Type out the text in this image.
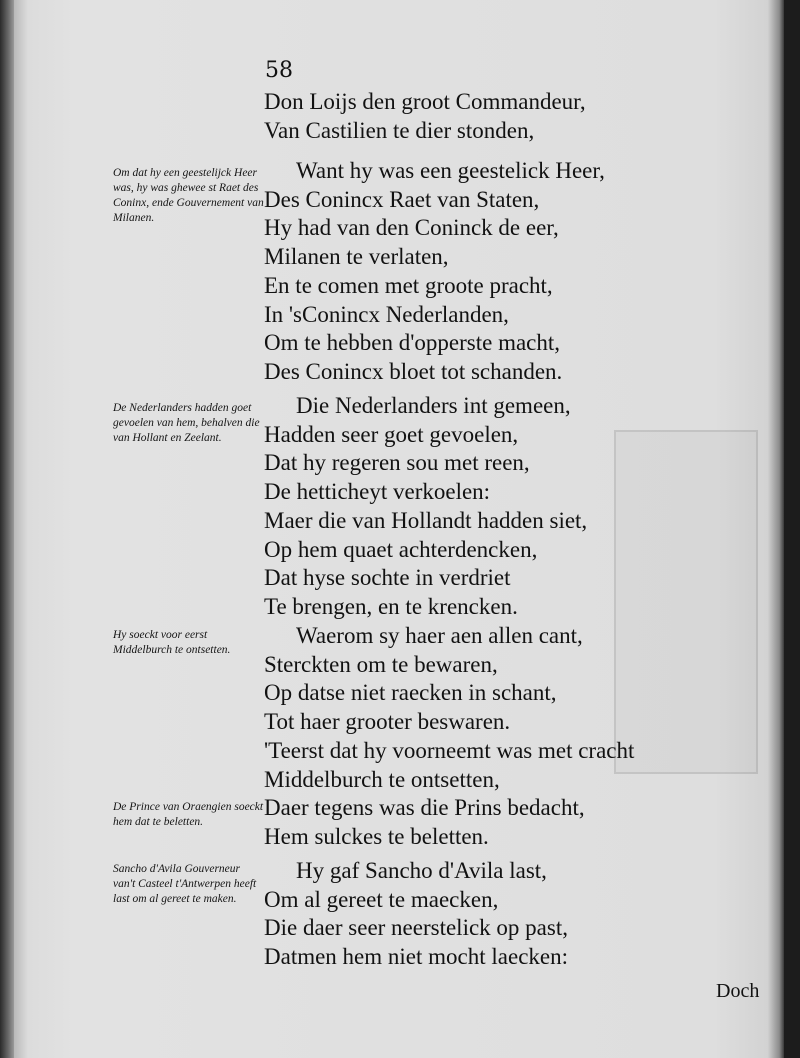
58
Don Loijs den groot Commandeur,
Van Castilien te dier stonden,
Want hy was een geestelick Heer,
Des Conincx Raet van Staten,
Hy had van den Coninck de eer,
Milanen te verlaten,
En te comen met groote pracht,
In 'sConincx Nederlanden,
Om te hebben d'opperste macht,
Des Conincx bloet tot schanden.
Die Nederlanders int gemeen,
Hadden seer goet gevoelen,
Dat hy regeren sou met reen,
De hetticheyt verkoelen:
Maer die van Hollandt hadden siet,
Op hem quaet achterdencken,
Dat hyse sochte in verdriet
Te brengen, en te krencken.
Waerom sy haer aen allen cant,
Sterckten om te bewaren,
Op datse niet raecken in schant,
Tot haer grooter beswaren.
'Teerst dat hy voorneemt was met cracht
Middelburch te ontsetten,
Daer tegens was die Prins bedacht,
Hem sulckes te beletten.
Hy gaf Sancho d'Avila last,
Om al gereet te maecken,
Die daer seer neerstelick op past,
Datmen hem niet mocht laecken:
Om dat hy een geestelijck Heer was, hy was ghewee st Raet des Coninx, ende Gouvernement van Milanen.
De Nederlanders hadden goet gevoelen van hem, behalven die van Hollant en Zeelant.
Hy soeckt voor eerst Middelburch te ontsetten.
De Prince van Oraengien soeckt hem dat te beletten.
Sancho d'Avila Gouverneur van't Casteel t'Antwerpen heeft last om al gereet te maken.
Doch
